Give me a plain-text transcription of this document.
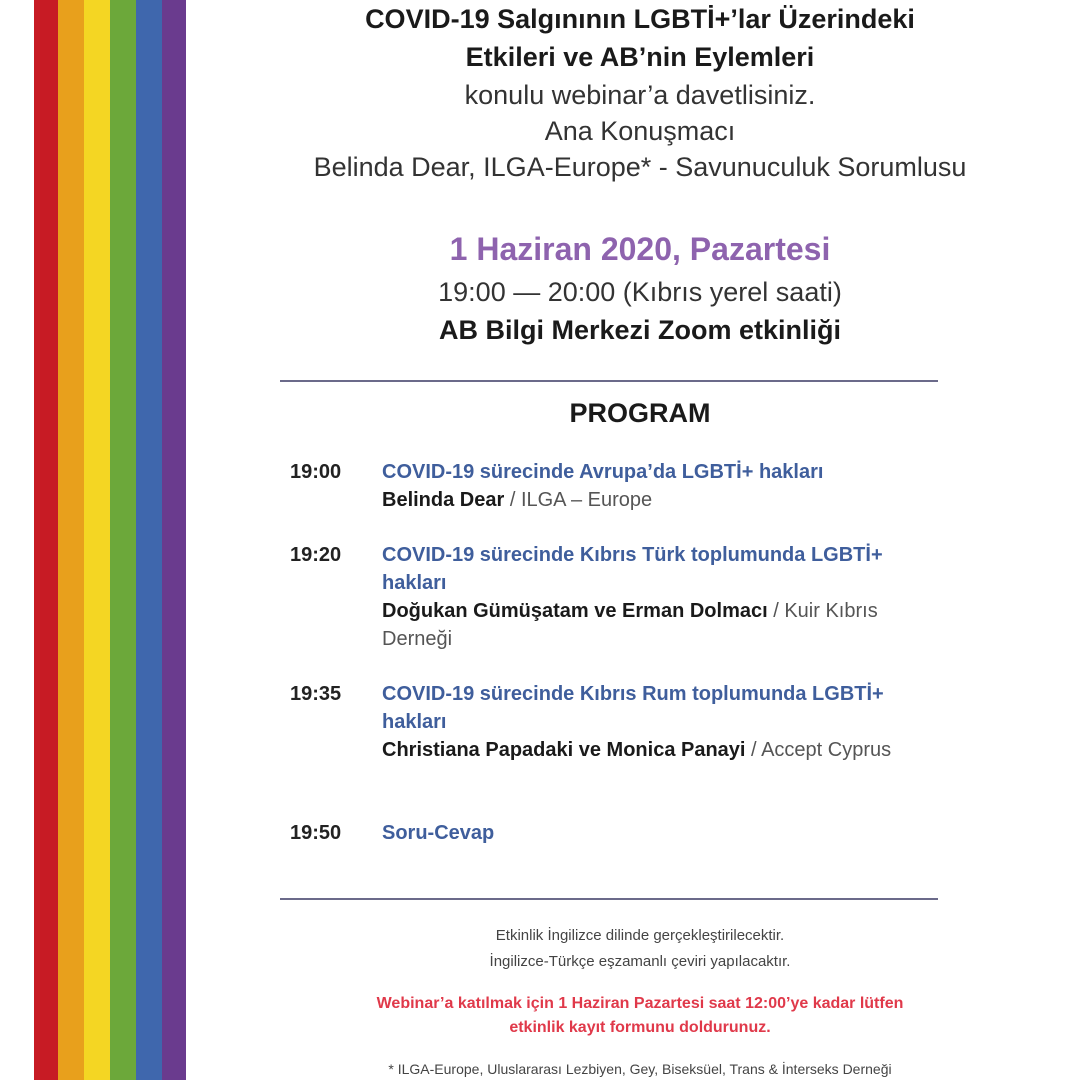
COVID-19 Salgınının LGBTİ+’lar Üzerindeki
Etkileri ve AB’nin Eylemleri
konulu webinar’a davetlisiniz.
Ana Konuşmacı
Belinda Dear, ILGA-Europe* - Savunuculuk Sorumlusu
1 Haziran 2020, Pazartesi
19:00 — 20:00 (Kıbrıs yerel saati)
AB Bilgi Merkezi Zoom etkinliği
PROGRAM
19:00 COVID-19 sürecinde Avrupa’da LGBTİ+ hakları
Belinda Dear / ILGA – Europe
19:20 COVID-19 sürecinde Kıbrıs Türk toplumunda LGBTİ+ hakları
Doğukan Gümüşatam ve Erman Dolmacı / Kuir Kıbrıs Derneği
19:35 COVID-19 sürecinde Kıbrıs Rum toplumunda LGBTİ+ hakları
Christiana Papadaki ve Monica Panayi / Accept Cyprus
19:50 Soru-Cevap
Etkinlik İngilizce dilinde gerçekleştirilecektir.
İngilizce-Türkçe eşzamanlı çeviri yapılacaktır.
Webinar’a katılmak için 1 Haziran Pazartesi saat 12:00’ye kadar lütfen
etkinlik kayıt formunu doldurunuz.
* ILGA-Europe, Uluslararası Lezbiyen, Gey, Biseksüel, Trans & İnterseks Derneği
